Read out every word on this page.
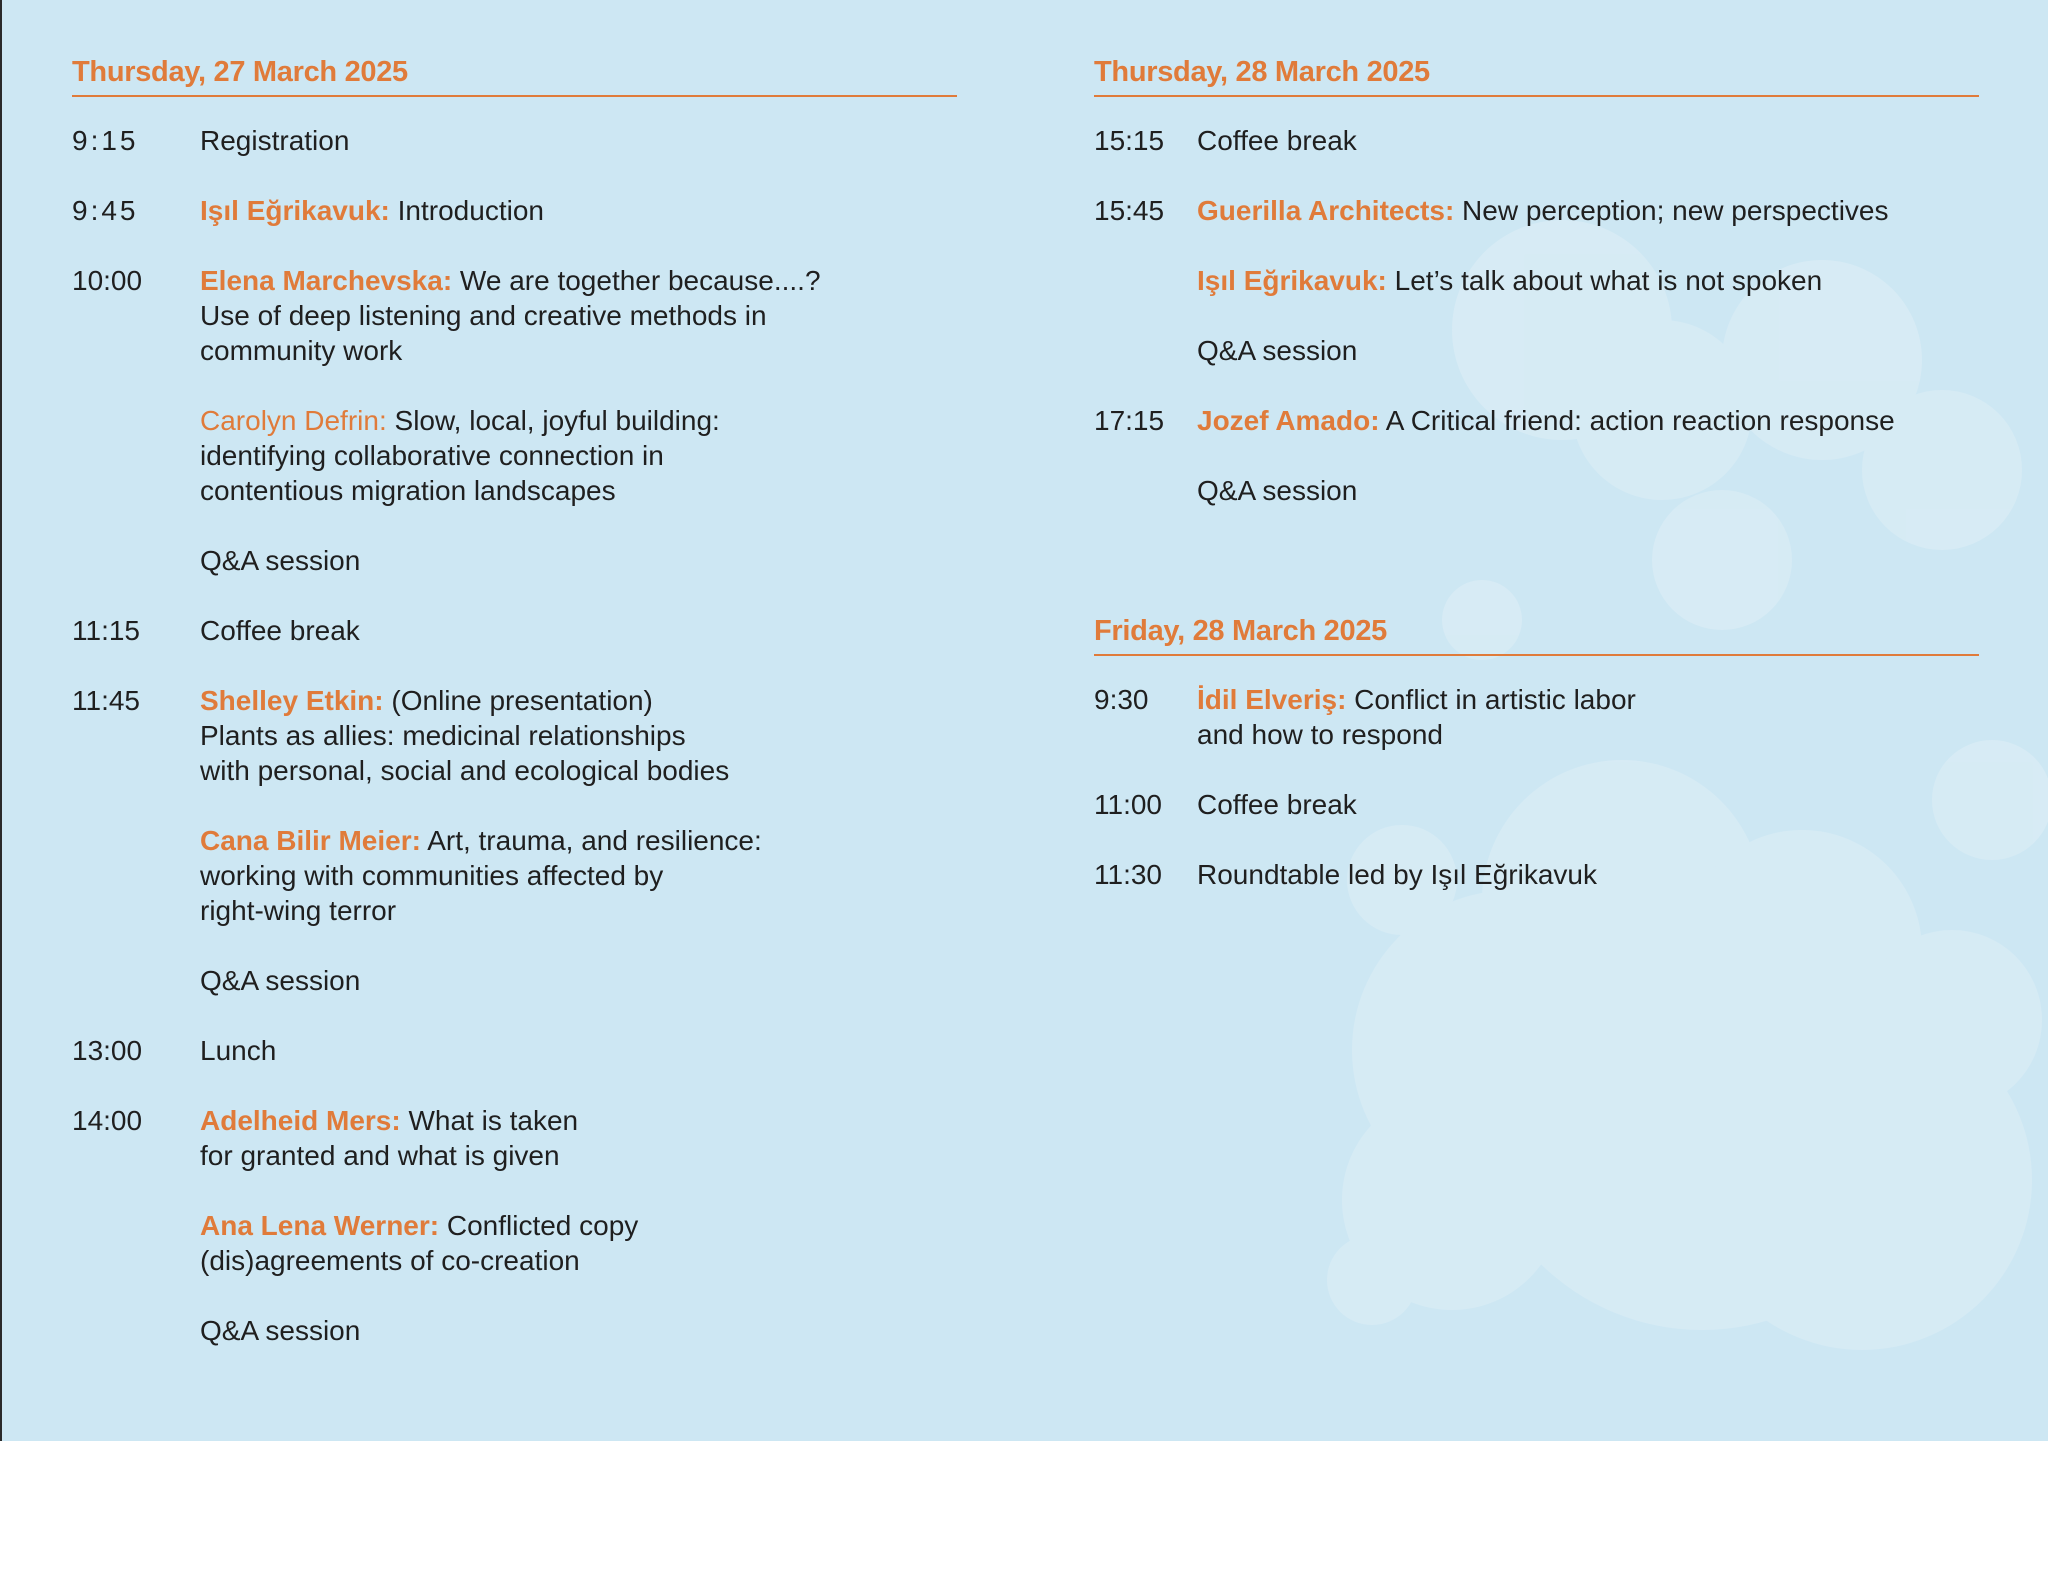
Thursday, 27 March 2025
9:15	Registration
9:45	Işıl Eğrikavuk: Introduction
10:00	Elena Marchevska: We are together because....?
Use of deep listening and creative methods in
community work
Carolyn Defrin: Slow, local, joyful building:
identifying collaborative connection in
contentious migration landscapes
Q&A session
11:15	Coffee break
11:45	Shelley Etkin: (Online presentation)
Plants as allies: medicinal relationships
with personal, social and ecological bodies
Cana Bilir Meier: Art, trauma, and resilience:
working with communities affected by
right-wing terror
Q&A session
13:00	Lunch
14:00	Adelheid Mers: What is taken
for granted and what is given
Ana Lena Werner: Conflicted copy
(dis)agreements of co-creation
Q&A session
Thursday, 28 March 2025
15:15	Coffee break
15:45	Guerilla Architects: New perception; new perspectives
Işıl Eğrikavuk: Let’s talk about what is not spoken
Q&A session
17:15	Jozef Amado: A Critical friend: action reaction response
Q&A session
Friday, 28 March 2025
9:30	İdil Elveriş: Conflict in artistic labor
and how to respond
11:00	Coffee break
11:30	Roundtable led by Işıl Eğrikavuk
